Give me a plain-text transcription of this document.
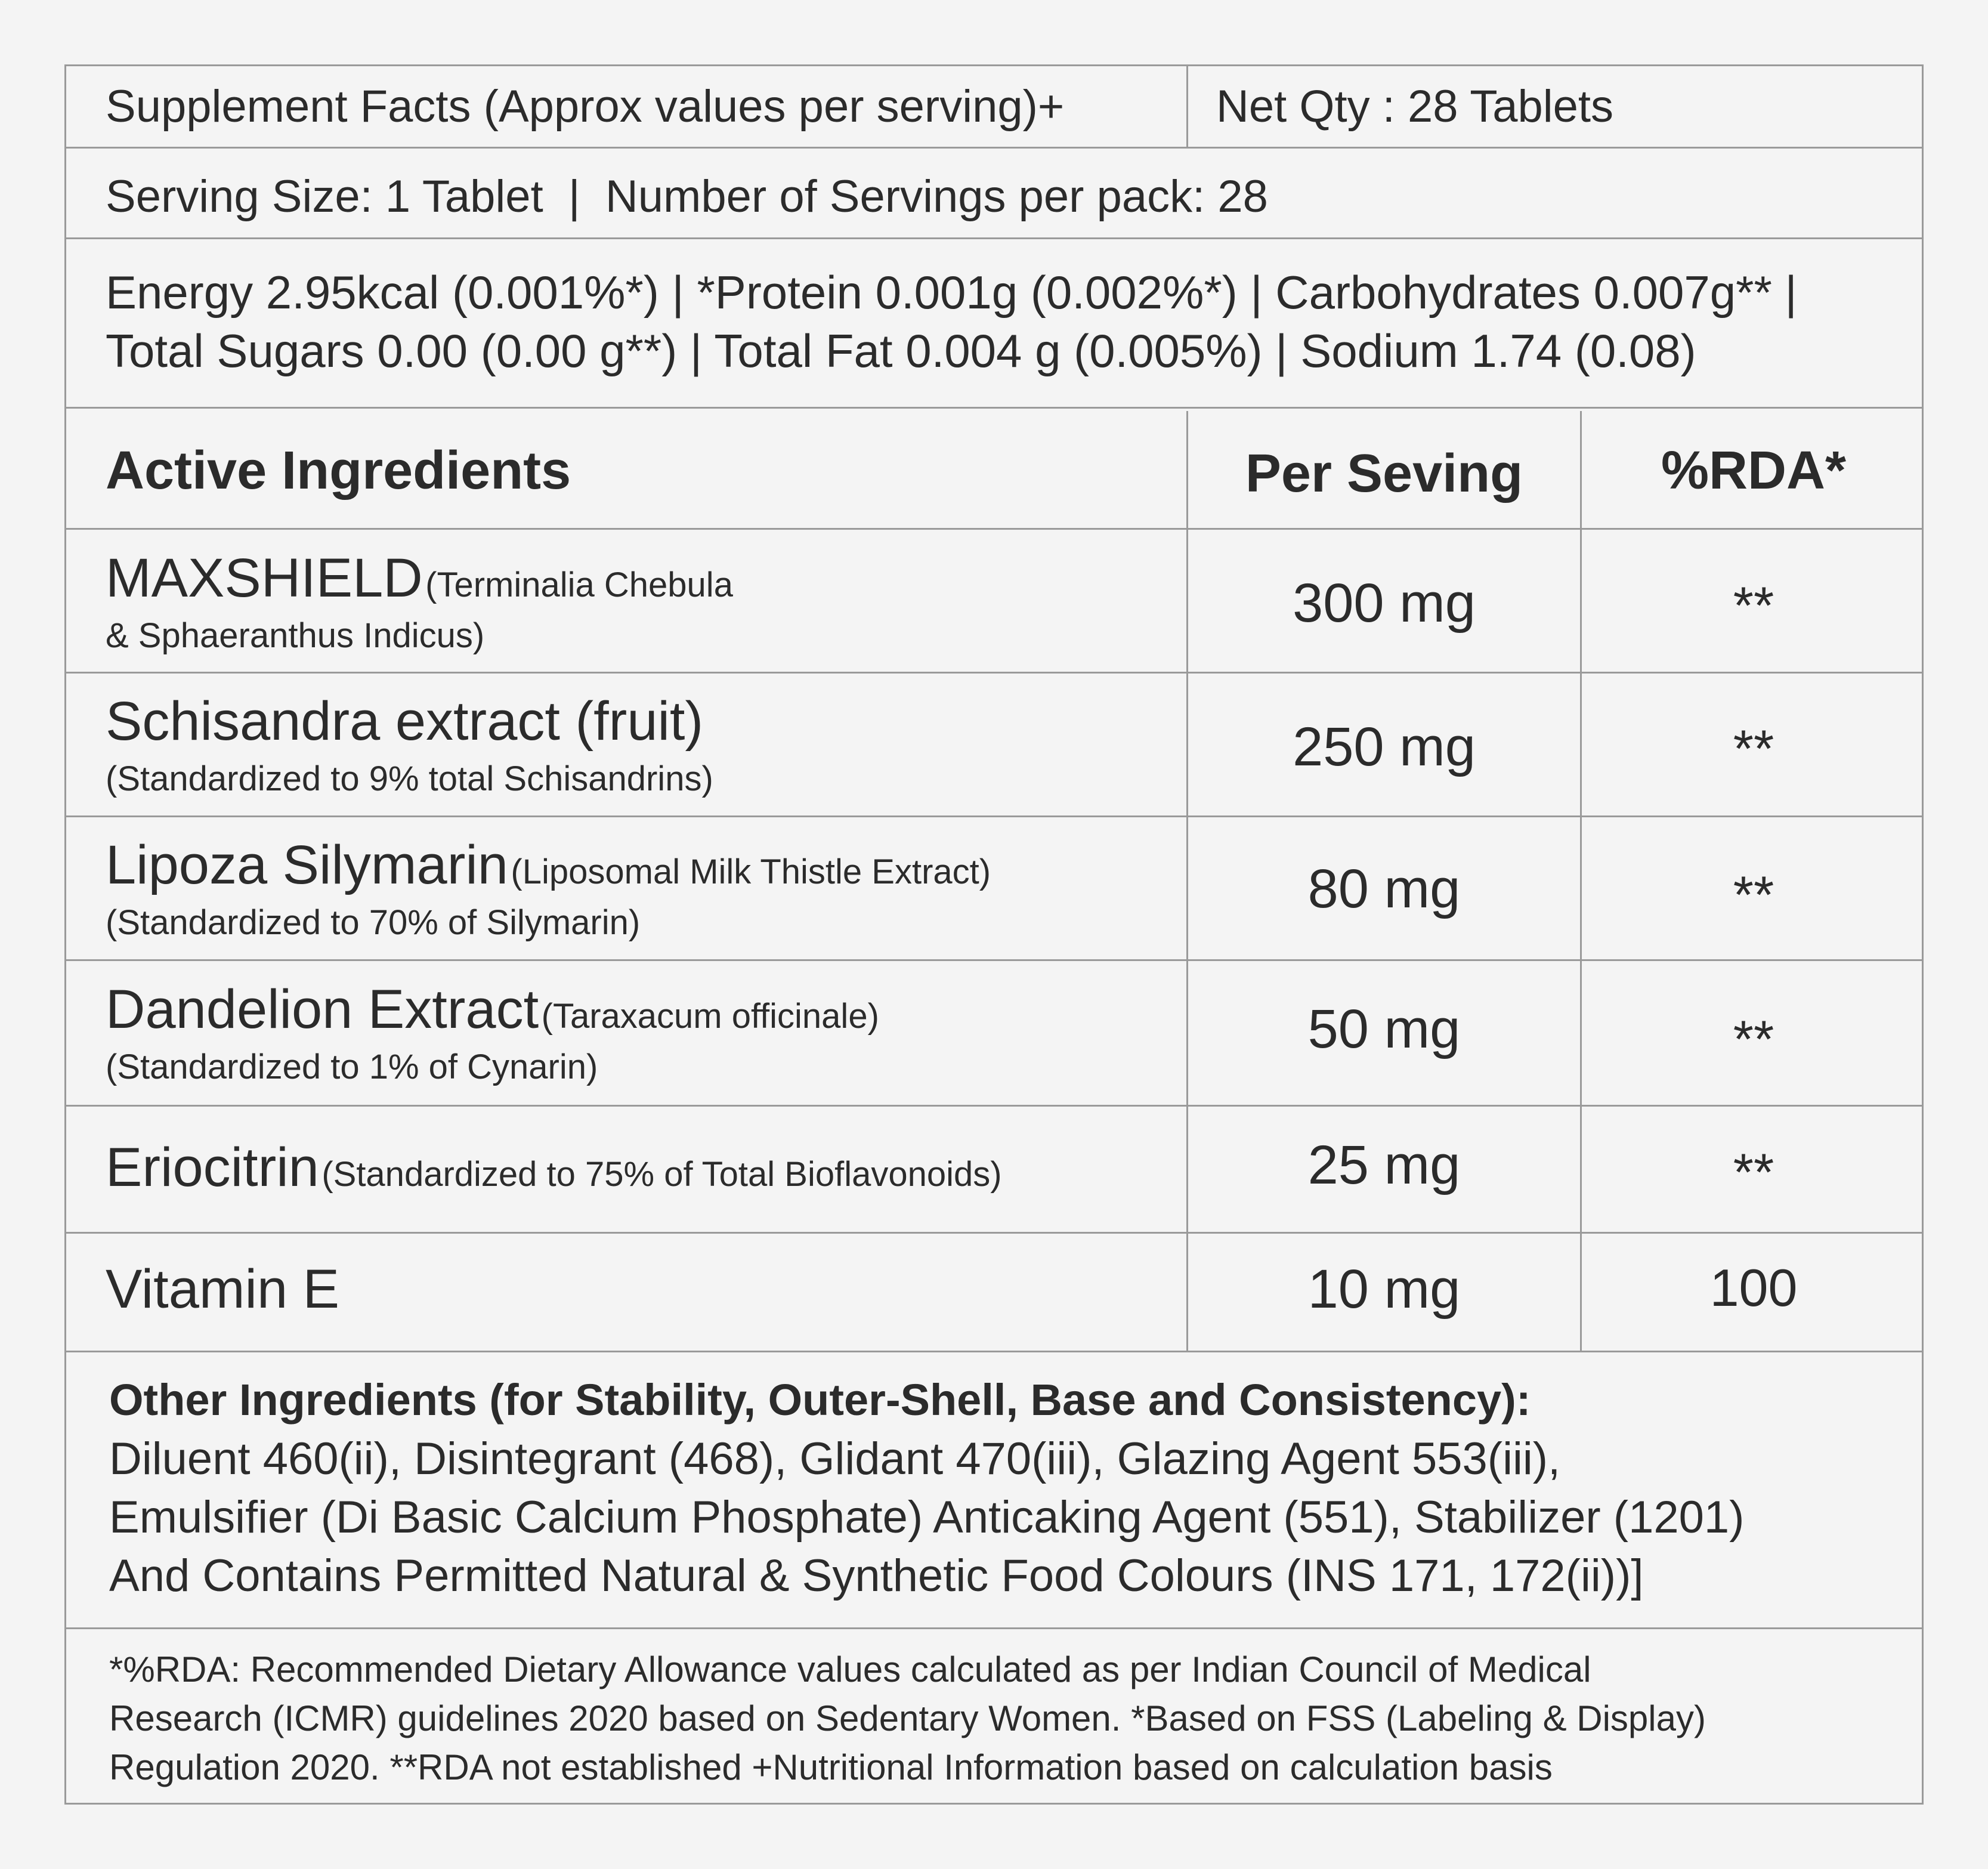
Supplement Facts (Approx values per serving)+	Net Qty : 28 Tablets
Serving Size: 1 Tablet  |  Number of Servings per pack: 28
Energy 2.95kcal (0.001%*) | *Protein 0.001g (0.002%*) | Carbohydrates 0.007g** |
Total Sugars 0.00 (0.00 g**) | Total Fat 0.004 g (0.005%) | Sodium 1.74 (0.08)
Active Ingredients	Per Seving	%RDA*
MAXSHIELD (Terminalia Chebula
& Sphaeranthus Indicus)
300 mg	**
Schisandra extract (fruit)
(Standardized to 9% total Schisandrins)
250 mg	**
Lipoza Silymarin (Liposomal Milk Thistle Extract)
(Standardized to 70% of Silymarin)
80 mg	**
Dandelion Extract (Taraxacum officinale)
(Standardized to 1% of Cynarin)
50 mg	**
Eriocitrin (Standardized to 75% of Total Bioflavonoids)	25 mg	**
Vitamin E	10 mg	100
Other Ingredients (for Stability, Outer-Shell, Base and Consistency):
Diluent 460(ii), Disintegrant (468), Glidant 470(iii), Glazing Agent 553(iii),
Emulsifier (Di Basic Calcium Phosphate) Anticaking Agent (551), Stabilizer (1201)
And Contains Permitted Natural & Synthetic Food Colours (INS 171, 172(ii))]
*%RDA: Recommended Dietary Allowance values calculated as per Indian Council of Medical
Research (ICMR) guidelines 2020 based on Sedentary Women. *Based on FSS (Labeling & Display)
Regulation 2020. **RDA not established +Nutritional Information based on calculation basis
